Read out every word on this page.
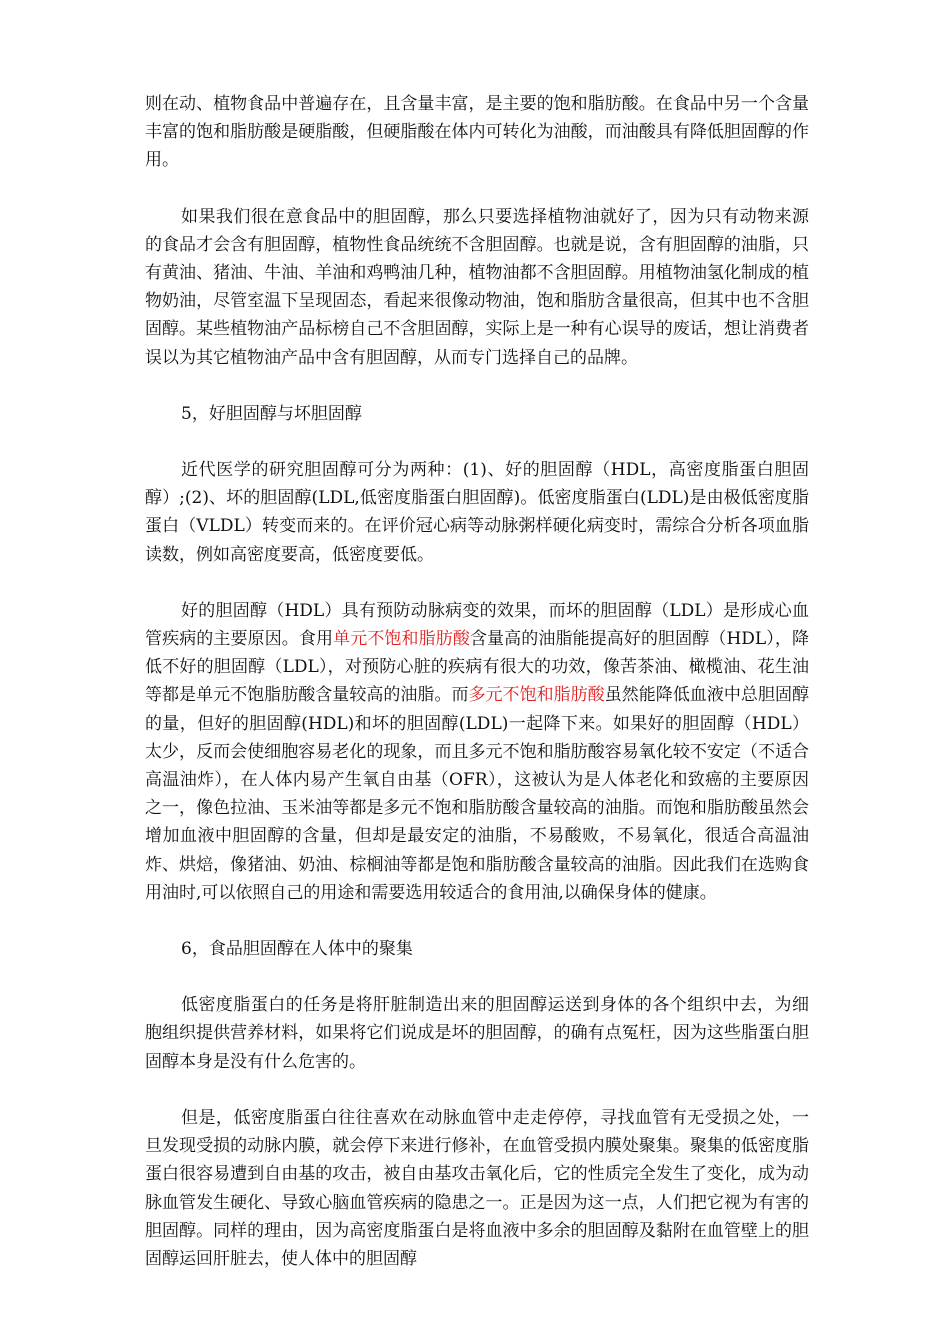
则在动、植物食品中普遍存在，且含量丰富，是主要的饱和脂肪酸。在食品中另一个含量丰富的饱和脂肪酸是硬脂酸，但硬脂酸在体内可转化为油酸，而油酸具有降低胆固醇的作用。

如果我们很在意食品中的胆固醇，那么只要选择植物油就好了，因为只有动物来源的食品才会含有胆固醇，植物性食品统统不含胆固醇。也就是说，含有胆固醇的油脂，只有黄油、猪油、牛油、羊油和鸡鸭油几种，植物油都不含胆固醇。用植物油氢化制成的植物奶油，尽管室温下呈现固态，看起来很像动物油，饱和脂肪含量很高，但其中也不含胆固醇。某些植物油产品标榜自己不含胆固醇，实际上是一种有心误导的废话，想让消费者误以为其它植物油产品中含有胆固醇，从而专门选择自己的品牌。

5，好胆固醇与坏胆固醇

近代医学的研究胆固醇可分为两种：(1)、好的胆固醇（HDL，高密度脂蛋白胆固醇）;(2)、坏的胆固醇(LDL,低密度脂蛋白胆固醇)。低密度脂蛋白(LDL)是由极低密度脂蛋白（VLDL）转变而来的。在评价冠心病等动脉粥样硬化病变时，需综合分析各项血脂读数，例如高密度要高，低密度要低。

好的胆固醇（HDL）具有预防动脉病变的效果，而坏的胆固醇（LDL）是形成心血管疾病的主要原因。食用单元不饱和脂肪酸含量高的油脂能提高好的胆固醇（HDL），降低不好的胆固醇（LDL），对预防心脏的疾病有很大的功效，像苦茶油、橄榄油、花生油等都是单元不饱脂肪酸含量较高的油脂。而多元不饱和脂肪酸虽然能降低血液中总胆固醇的量，但好的胆固醇(HDL)和坏的胆固醇(LDL)一起降下来。如果好的胆固醇（HDL）太少，反而会使细胞容易老化的现象，而且多元不饱和脂肪酸容易氧化较不安定（不适合高温油炸），在人体内易产生氧自由基（OFR），这被认为是人体老化和致癌的主要原因之一，像色拉油、玉米油等都是多元不饱和脂肪酸含量较高的油脂。而饱和脂肪酸虽然会增加血液中胆固醇的含量，但却是最安定的油脂，不易酸败，不易氧化，很适合高温油炸、烘焙，像猪油、奶油、棕榈油等都是饱和脂肪酸含量较高的油脂。因此我们在选购食用油时,可以依照自己的用途和需要选用较适合的食用油,以确保身体的健康。

6，食品胆固醇在人体中的聚集

低密度脂蛋白的任务是将肝脏制造出来的胆固醇运送到身体的各个组织中去，为细胞组织提供营养材料，如果将它们说成是坏的胆固醇，的确有点冤枉，因为这些脂蛋白胆固醇本身是没有什么危害的。

但是，低密度脂蛋白往往喜欢在动脉血管中走走停停，寻找血管有无受损之处，一旦发现受损的动脉内膜，就会停下来进行修补，在血管受损内膜处聚集。聚集的低密度脂蛋白很容易遭到自由基的攻击，被自由基攻击氧化后，它的性质完全发生了变化，成为动脉血管发生硬化、导致心脑血管疾病的隐患之一。正是因为这一点，人们把它视为有害的胆固醇。同样的理由，因为高密度脂蛋白是将血液中多余的胆固醇及黏附在血管壁上的胆固醇运回肝脏去，使人体中的胆固醇
